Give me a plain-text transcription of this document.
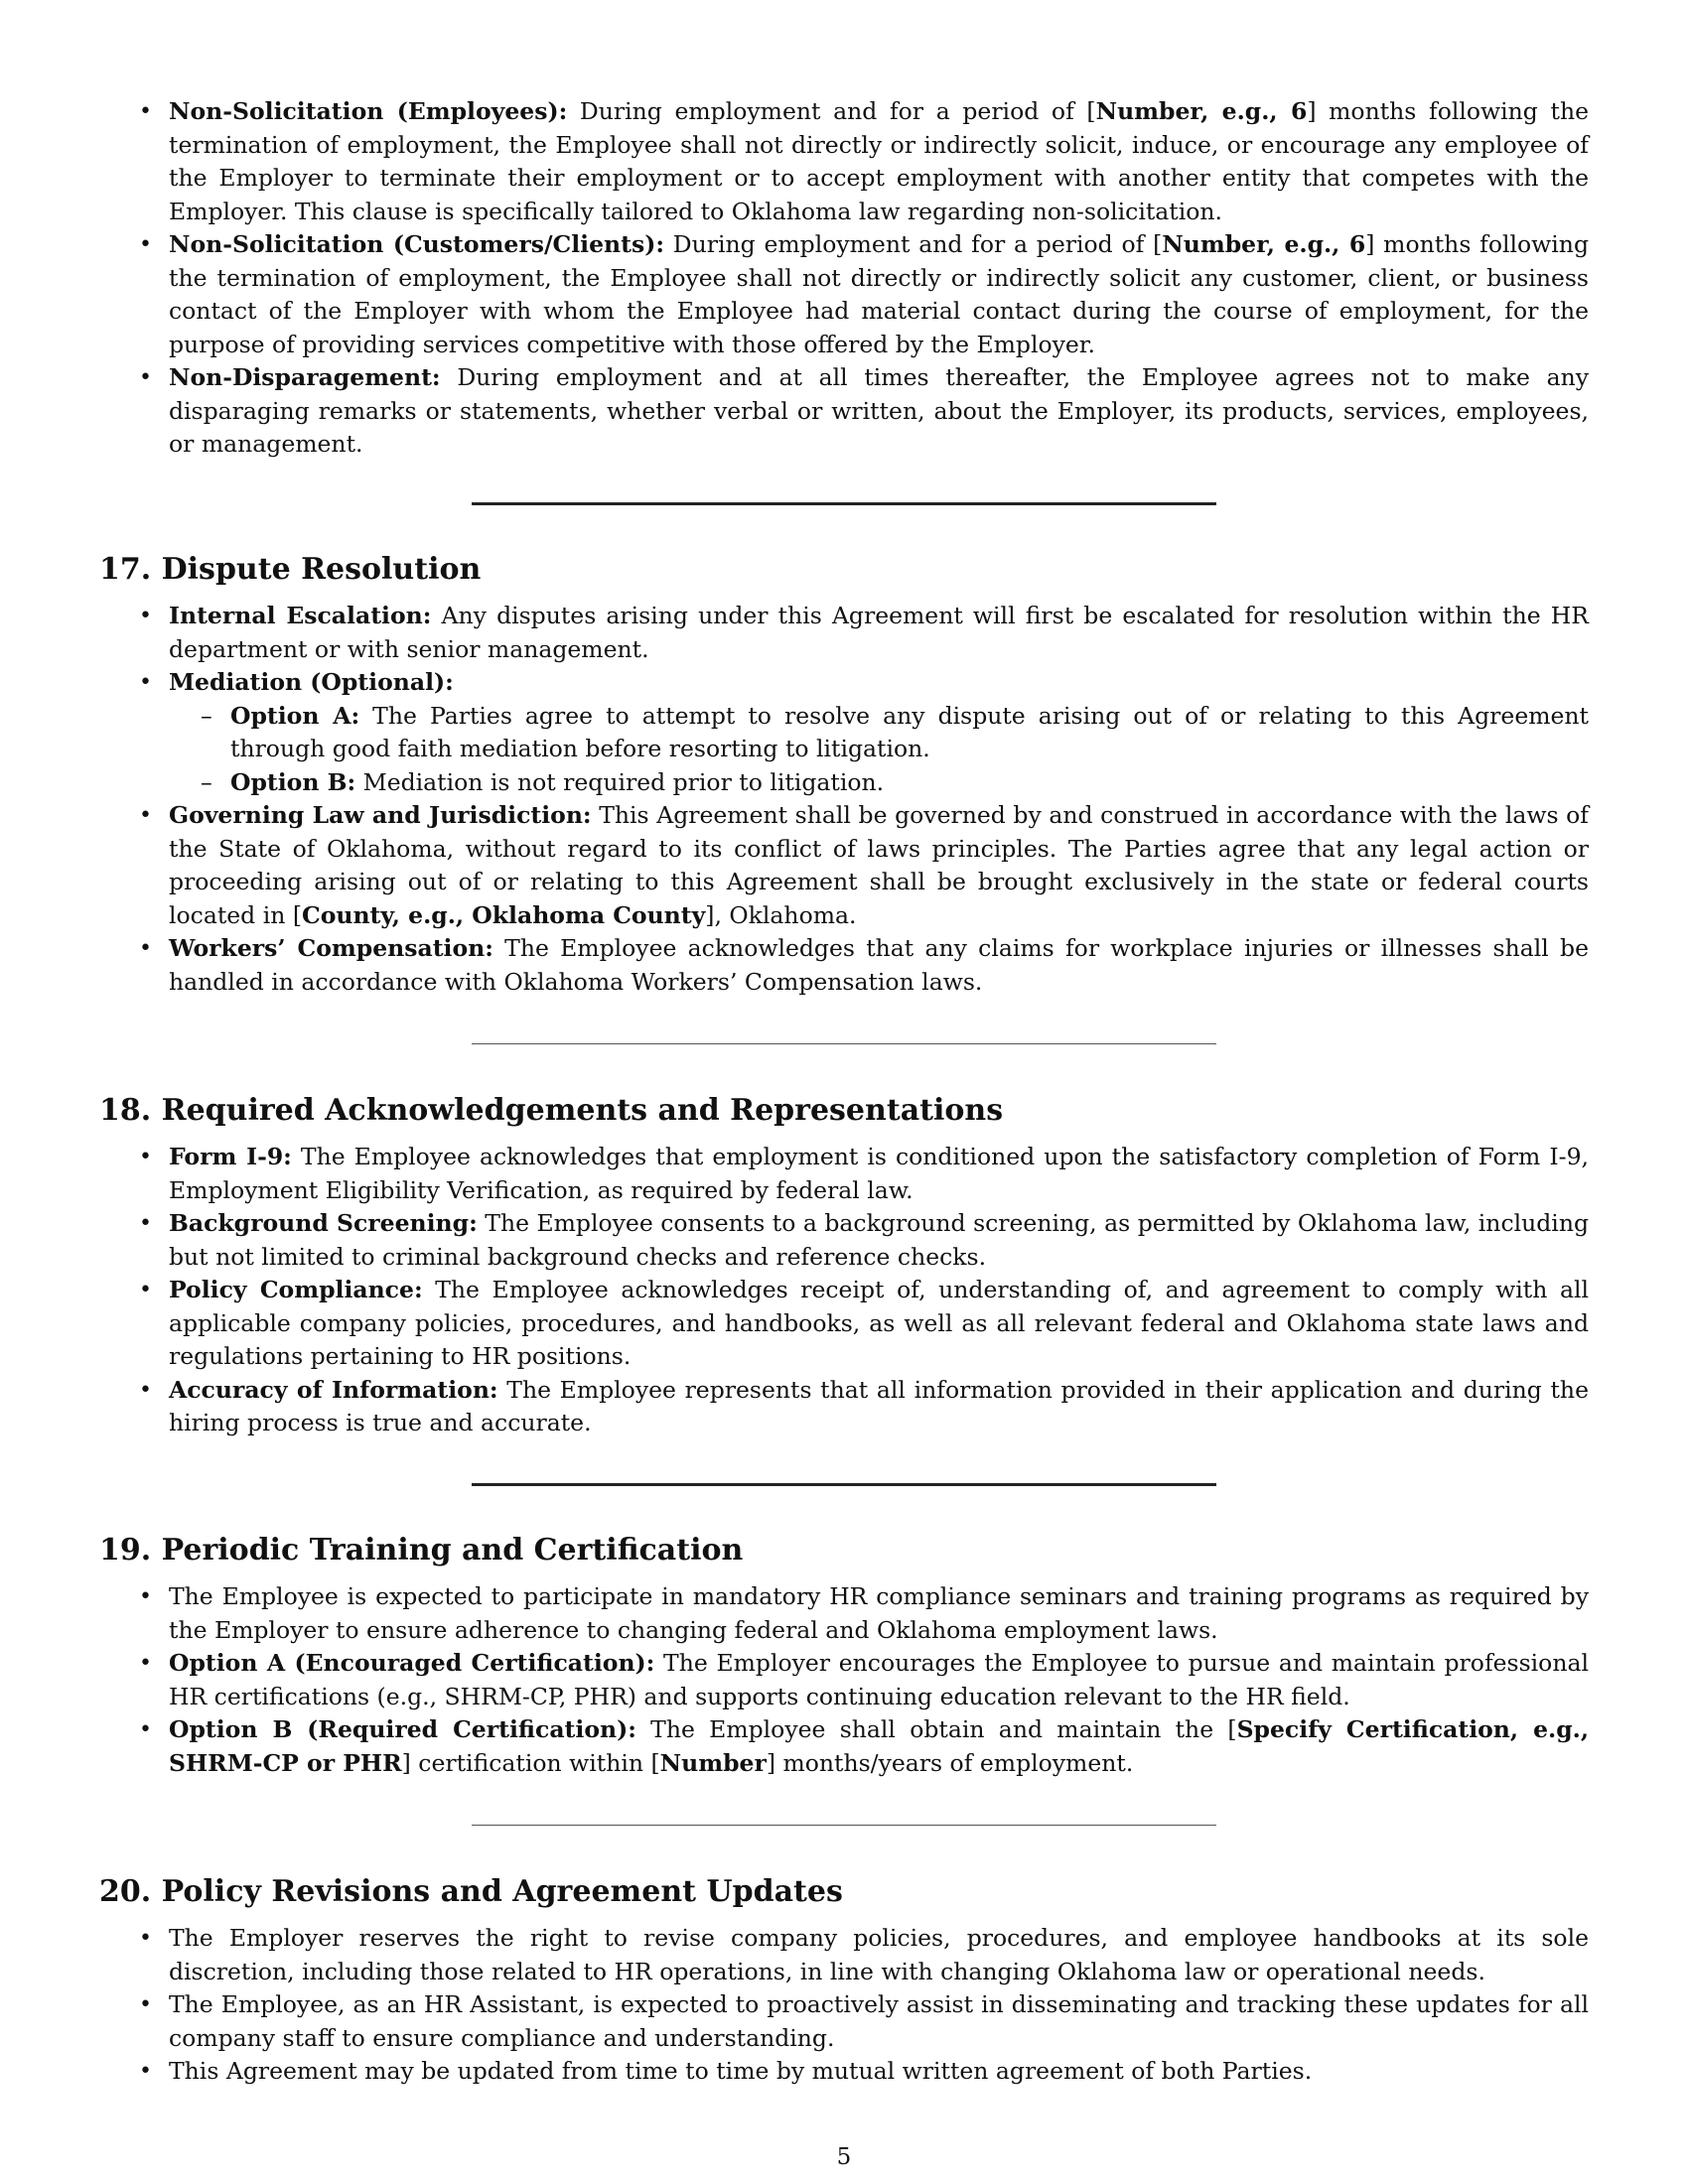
• Non-Solicitation (Employees): During employment and for a period of [Number, e.g., 6] months following the termination of employment, the Employee shall not directly or indirectly solicit, induce, or encourage any employee of the Employer to terminate their employment or to accept employment with another entity that competes with the Employer. This clause is specifically tailored to Oklahoma law regarding non-solicitation.
• Non-Solicitation (Customers/Clients): During employment and for a period of [Number, e.g., 6] months following the termination of employment, the Employee shall not directly or indirectly solicit any customer, client, or business contact of the Employer with whom the Employee had material contact during the course of employment, for the purpose of providing services competitive with those offered by the Employer.
• Non-Disparagement: During employment and at all times thereafter, the Employee agrees not to make any disparaging remarks or statements, whether verbal or written, about the Employer, its products, services, employees, or management.
17. Dispute Resolution
• Internal Escalation: Any disputes arising under this Agreement will first be escalated for resolution within the HR department or with senior management.
• Mediation (Optional):
– Option A: The Parties agree to attempt to resolve any dispute arising out of or relating to this Agreement through good faith mediation before resorting to litigation.
– Option B: Mediation is not required prior to litigation.
• Governing Law and Jurisdiction: This Agreement shall be governed by and construed in accordance with the laws of the State of Oklahoma, without regard to its conflict of laws principles. The Parties agree that any legal action or proceeding arising out of or relating to this Agreement shall be brought exclusively in the state or federal courts located in [County, e.g., Oklahoma County], Oklahoma.
• Workers’ Compensation: The Employee acknowledges that any claims for workplace injuries or illnesses shall be handled in accordance with Oklahoma Workers’ Compensation laws.
18. Required Acknowledgements and Representations
• Form I-9: The Employee acknowledges that employment is conditioned upon the satisfactory completion of Form I-9, Employment Eligibility Verification, as required by federal law.
• Background Screening: The Employee consents to a background screening, as permitted by Oklahoma law, including but not limited to criminal background checks and reference checks.
• Policy Compliance: The Employee acknowledges receipt of, understanding of, and agreement to comply with all applicable company policies, procedures, and handbooks, as well as all relevant federal and Oklahoma state laws and regulations pertaining to HR positions.
• Accuracy of Information: The Employee represents that all information provided in their application and during the hiring process is true and accurate.
19. Periodic Training and Certification
• The Employee is expected to participate in mandatory HR compliance seminars and training programs as required by the Employer to ensure adherence to changing federal and Oklahoma employment laws.
• Option A (Encouraged Certification): The Employer encourages the Employee to pursue and maintain professional HR certifications (e.g., SHRM-CP, PHR) and supports continuing education relevant to the HR field.
• Option B (Required Certification): The Employee shall obtain and maintain the [Specify Certification, e.g., SHRM-CP or PHR] certification within [Number] months/years of employment.
20. Policy Revisions and Agreement Updates
• The Employer reserves the right to revise company policies, procedures, and employee handbooks at its sole discretion, including those related to HR operations, in line with changing Oklahoma law or operational needs.
• The Employee, as an HR Assistant, is expected to proactively assist in disseminating and tracking these updates for all company staff to ensure compliance and understanding.
• This Agreement may be updated from time to time by mutual written agreement of both Parties.
5
